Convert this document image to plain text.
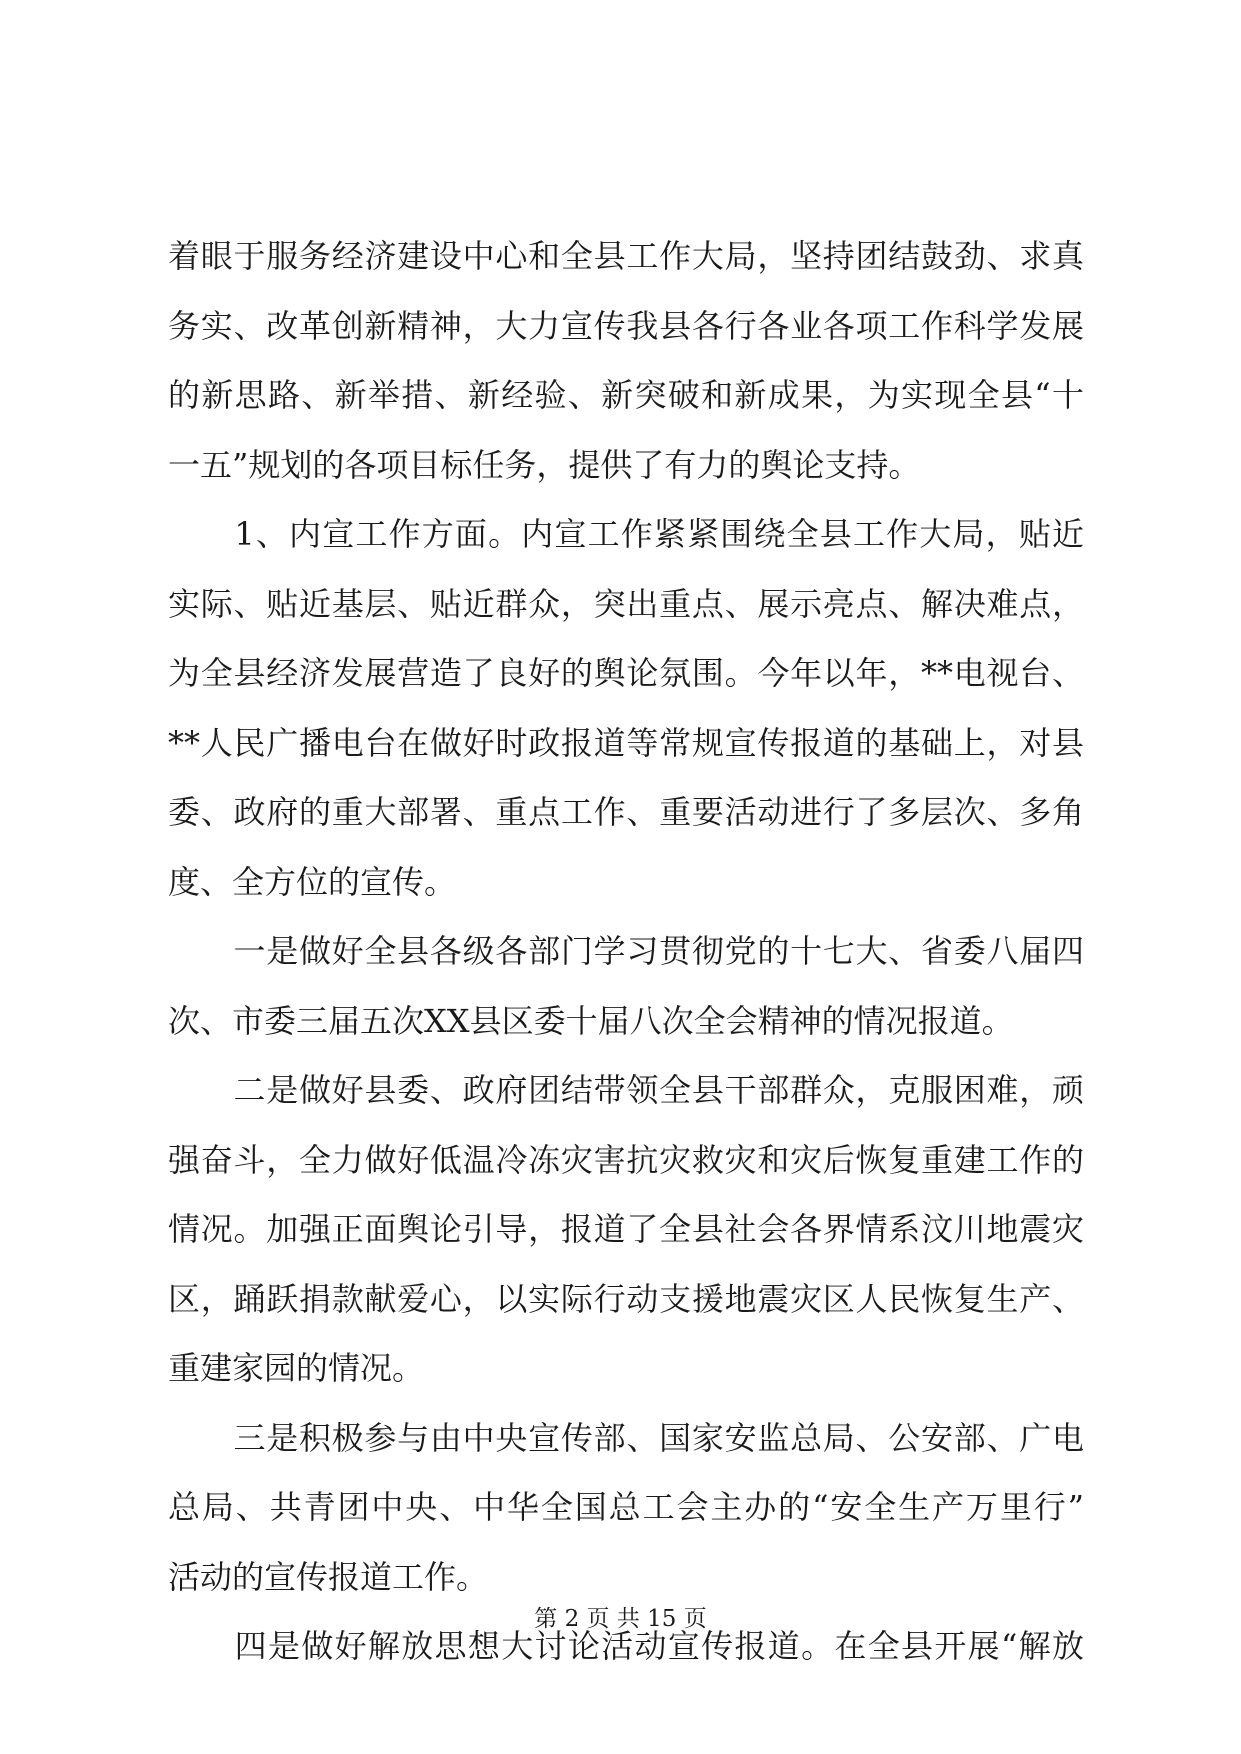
着眼于服务经济建设中心和全县工作大局，坚持团结鼓劲、求真
务实、改革创新精神，大力宣传我县各行各业各项工作科学发展
的新思路、新举措、新经验、新突破和新成果，为实现全县“十
一五”规划的各项目标任务，提供了有力的舆论支持。
　　1、内宣工作方面。内宣工作紧紧围绕全县工作大局，贴近
实际、贴近基层、贴近群众，突出重点、展示亮点、解决难点，
为全县经济发展营造了良好的舆论氛围。今年以年，**电视台、
**人民广播电台在做好时政报道等常规宣传报道的基础上，对县
委、政府的重大部署、重点工作、重要活动进行了多层次、多角
度、全方位的宣传。
　　一是做好全县各级各部门学习贯彻党的十七大、省委八届四
次、市委三届五次XX县区委十届八次全会精神的情况报道。
　　二是做好县委、政府团结带领全县干部群众，克服困难，顽
强奋斗，全力做好低温冷冻灾害抗灾救灾和灾后恢复重建工作的
情况。加强正面舆论引导，报道了全县社会各界情系汶川地震灾
区，踊跃捐款献爱心，以实际行动支援地震灾区人民恢复生产、
重建家园的情况。
　　三是积极参与由中央宣传部、国家安监总局、公安部、广电
总局、共青团中央、中华全国总工会主办的“安全生产万里行”
活动的宣传报道工作。
　　四是做好解放思想大讨论活动宣传报道。在全县开展“解放
第 2 页 共 15 页
